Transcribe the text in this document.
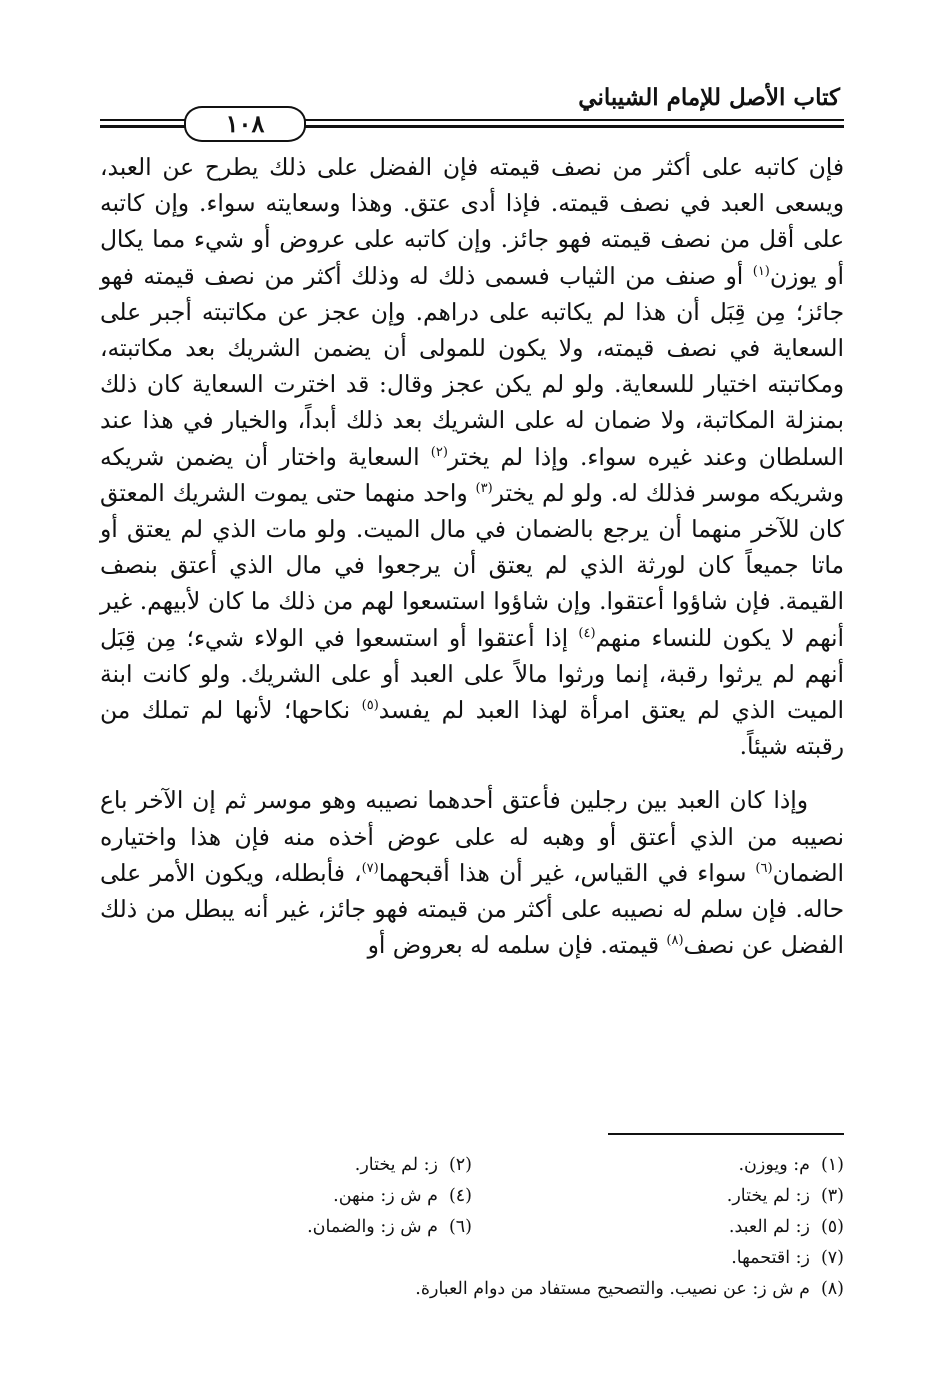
كتاب الأصل للإمام الشيباني
١٠٨

فإن كاتبه على أكثر من نصف قيمته فإن الفضل على ذلك يطرح عن العبد، ويسعى العبد في نصف قيمته. فإذا أدى عتق. وهذا وسعايته سواء. وإن كاتبه على أقل من نصف قيمته فهو جائز. وإن كاتبه على عروض أو شيء مما يكال أو يوزن$^{(١)}$ أو صنف من الثياب فسمى ذلك له وذلك أكثر من نصف قيمته فهو جائز؛ مِن قِبَل أن هذا لم يكاتبه على دراهم. وإن عجز عن مكاتبته أجبر على السعاية في نصف قيمته، ولا يكون للمولى أن يضمن الشريك بعد مكاتبته، ومكاتبته اختيار للسعاية. ولو لم يكن عجز وقال: قد اخترت السعاية كان ذلك بمنزلة المكاتبة، ولا ضمان له على الشريك بعد ذلك أبداً، والخيار في هذا عند السلطان وعند غيره سواء. وإذا لم يختر$^{(٢)}$ السعاية واختار أن يضمن شريكه وشريكه موسر فذلك له. ولو لم يختر$^{(٣)}$ واحد منهما حتى يموت الشريك المعتق كان للآخر منهما أن يرجع بالضمان في مال الميت. ولو مات الذي لم يعتق أو ماتا جميعاً كان لورثة الذي لم يعتق أن يرجعوا في مال الذي أعتق بنصف القيمة. فإن شاؤوا أعتقوا. وإن شاؤوا استسعوا لهم من ذلك ما كان لأبيهم. غير أنهم لا يكون للنساء منهم$^{(٤)}$ إذا أعتقوا أو استسعوا في الولاء شيء؛ مِن قِبَل أنهم لم يرثوا رقبة، إنما ورثوا مالاً على العبد أو على الشريك. ولو كانت ابنة الميت الذي لم يعتق امرأة لهذا العبد لم يفسد$^{(٥)}$ نكاحها؛ لأنها لم تملك من رقبته شيئاً.

وإذا كان العبد بين رجلين فأعتق أحدهما نصيبه وهو موسر ثم إن الآخر باع نصيبه من الذي أعتق أو وهبه له على عوض أخذه منه فإن هذا واختياره الضمان$^{(٦)}$ سواء في القياس، غير أن هذا أقبحهما$^{(٧)}$، فأبطله، ويكون الأمر على حاله. فإن سلم له نصيبه على أكثر من قيمته فهو جائز، غير أنه يبطل من ذلك الفضل عن نصف$^{(٨)}$ قيمته. فإن سلمه له بعروض أو

(١)م: ويوزن.
(٢)ز: لم يختار.
(٣)ز: لم يختار.
(٤)م ش ز: منهن.
(٥)ز: لم العبد.
(٦)م ش ز: والضمان.
(٧)ز: اقتحمها.
(٨)م ش ز: عن نصيب. والتصحيح مستفاد من دوام العبارة.
